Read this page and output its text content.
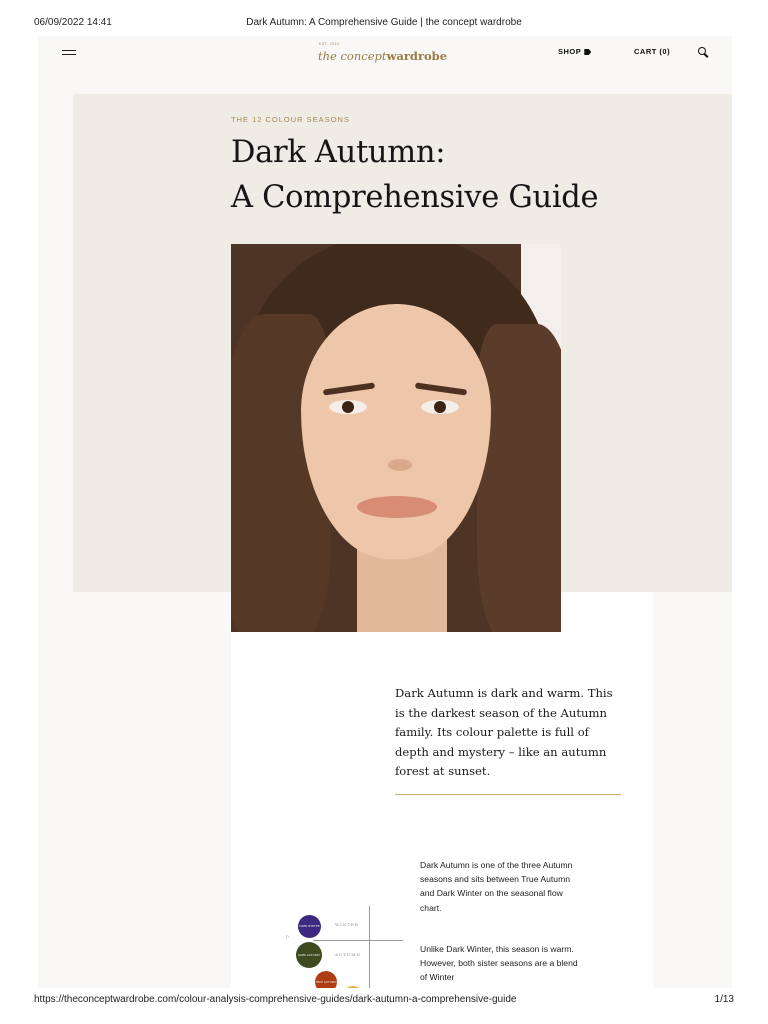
06/09/2022 14:41	Dark Autumn: A Comprehensive Guide | the concept wardrobe
EST. 2016
the conceptwardrobe	SHOP	CART (0)
THE 12 COLOUR SEASONS
Dark Autumn:
A Comprehensive Guide

Dark Autumn is dark and warm. This is the darkest season of the Autumn family. Its colour palette is full of depth and mystery – like an autumn forest at sunset.

D
DARK WINTER
DARK AUTUMN
TRUE AUTUMN
WINTER
AUTUMN

Dark Autumn is one of the three Autumn seasons and sits between True Autumn and Dark Winter on the seasonal flow chart.

Unlike Dark Winter, this season is warm. However, both sister seasons are a blend of Winter

https://theconceptwardrobe.com/colour-analysis-comprehensive-guides/dark-autumn-a-comprehensive-guide	1/13
